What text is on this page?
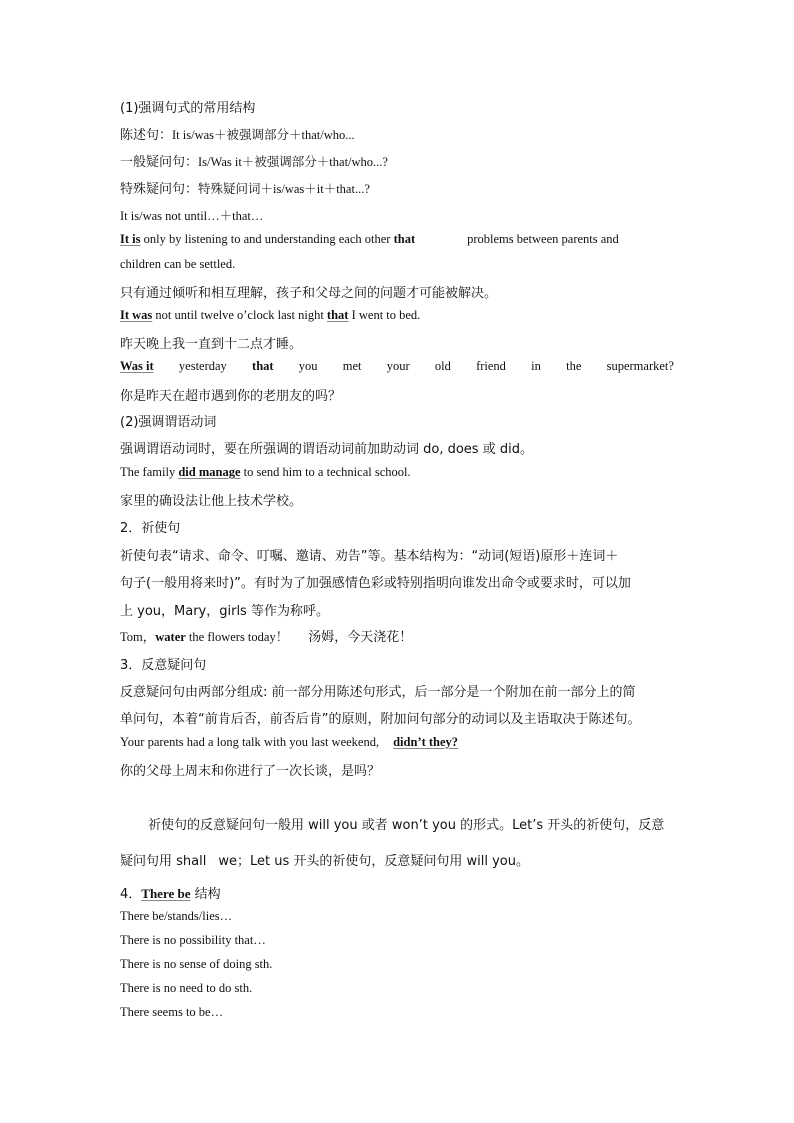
(1)强调句式的常用结构
陈述句：It is/was＋被强调部分＋that/who...
一般疑问句：Is/Was it＋被强调部分＋that/who...?
特殊疑问句：特殊疑问词＋is/was＋it＋that...?
It is/was not until…＋that…
It is only by listening to and understanding each other that	problems between parents and
children can be settled.
只有通过倾听和相互理解，孩子和父母之间的问题才可能被解决。
It was not until twelve o’clock last night that I went to bed.
昨天晚上我一直到十二点才睡。
Was it yesterday that you met your old friend in the supermarket?
你是昨天在超市遇到你的老朋友的吗？
(2)强调谓语动词
强调谓语动词时，要在所强调的谓语动词前加助动词 do, does 或 did。
The family did manage to send him to a technical school.
家里的确设法让他上技术学校。
2．祈使句
祈使句表“请求、命令、叮嘱、邀请、劝告”等。基本结构为：“动词(短语)原形＋连词＋
句子(一般用将来时)”。有时为了加强感情色彩或特别指明向谁发出命令或要求时，可以加
上 you，Mary，girls 等作为称呼。
Tom，water the flowers today！ 汤姆，今天浇花！
3．反意疑问句
反意疑问句由两部分组成: 前一部分用陈述句形式，后一部分是一个附加在前一部分上的简
单问句，本着“前肯后否，前否后肯”的原则，附加问句部分的动词以及主语取决于陈述句。
Your parents had a long talk with you last weekend, didn’t they?
你的父母上周末和你进行了一次长谈，是吗？
祈使句的反意疑问句一般用 will you 或者 won’t you 的形式。Let’s 开头的祈使句，反意
疑问句用 shall we；Let us 开头的祈使句，反意疑问句用 will you。
4．There be 结构
There be/stands/lies…
There is no possibility that…
There is no sense of doing sth.
There is no need to do sth.
There seems to be…
